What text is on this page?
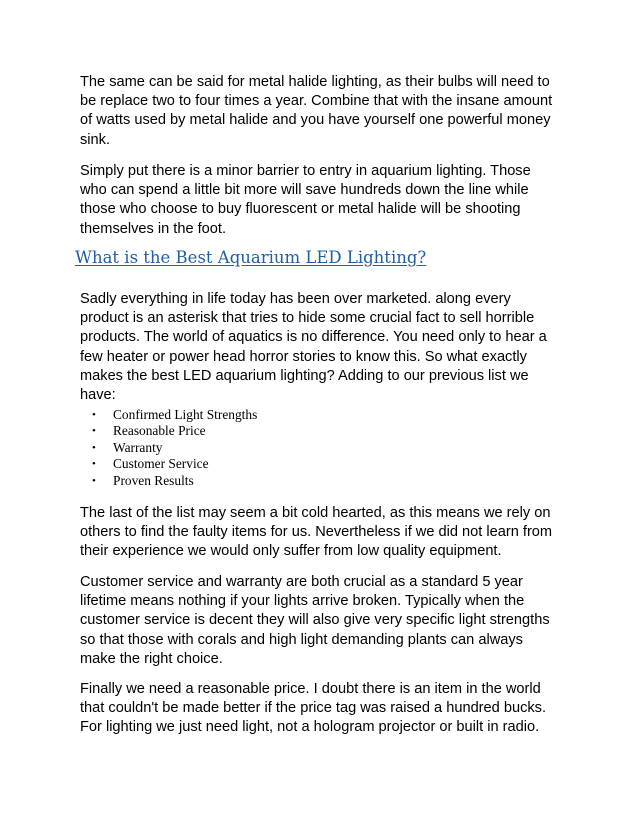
The same can be said for metal halide lighting, as their bulbs will need to be replace two to four times a year. Combine that with the insane amount of watts used by metal halide and you have yourself one powerful money sink.

Simply put there is a minor barrier to entry in aquarium lighting. Those who can spend a little bit more will save hundreds down the line while those who choose to buy fluorescent or metal halide will be shooting themselves in the foot.

What is the Best Aquarium LED Lighting?

Sadly everything in life today has been over marketed. along every product is an asterisk that tries to hide some crucial fact to sell horrible products. The world of aquatics is no difference. You need only to hear a few heater or power head horror stories to know this. So what exactly makes the best LED aquarium lighting? Adding to our previous list we have:

• Confirmed Light Strengths
• Reasonable Price
• Warranty
• Customer Service
• Proven Results

The last of the list may seem a bit cold hearted, as this means we rely on others to find the faulty items for us. Nevertheless if we did not learn from their experience we would only suffer from low quality equipment.

Customer service and warranty are both crucial as a standard 5 year lifetime means nothing if your lights arrive broken. Typically when the customer service is decent they will also give very specific light strengths so that those with corals and high light demanding plants can always make the right choice.

Finally we need a reasonable price. I doubt there is an item in the world that couldn't be made better if the price tag was raised a hundred bucks. For lighting we just need light, not a hologram projector or built in radio.
